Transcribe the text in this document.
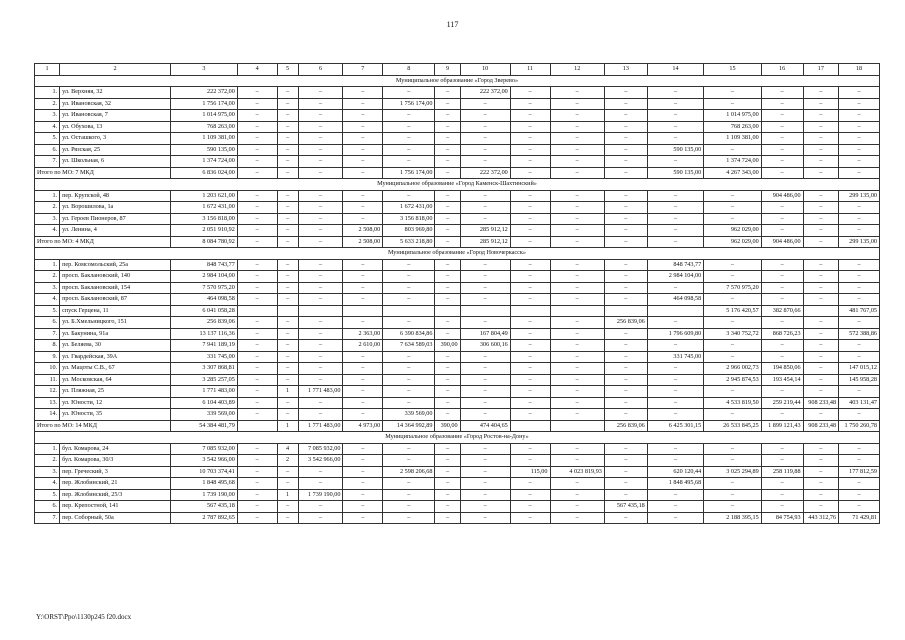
117
1	2	3	4	5	6	7	8	9	10	11	12	13	14	15	16	17	18
Муниципальное образование «Город Зверево»																	
1.	ул. Верхняя, 32	222 372,00	–	–	–	–	–	–	222 372,00	–	–	–	–	–	–	–	–
2.	ул. Ивановская, 32	1 756 174,00	–	–	–	–	1 756 174,00	–	–	–	–	–	–	–	–	–	–
3.	ул. Ивановская, 7	1 014 975,00	–	–	–	–	–	–	–	–	–	–	–	1 014 975,00	–	–	–
4.	ул. Обухова, 13	768 263,00	–	–	–	–	–	–	–	–	–	–	–	768 263,00	–	–	–
5.	ул. Осташкого, 3	1 109 381,00	–	–	–	–	–	–	–	–	–	–	–	1 109 381,00	–	–	–
6.	ул. Рязская, 25	590 135,00	–	–	–	–	–	–	–	–	–	–	590 135,00	–	–	–	–
7.	ул. Школьная, 6	1 374 724,00	–	–	–	–	–	–	–	–	–	–	–	1 374 724,00	–	–	–
Итого по МО: 7 МКД		6 836 024,00	–	–	–	–	1 756 174,00	–	222 372,00	–	–	–	590 135,00	4 267 343,00	–	–	–
Муниципальное образование «Город Каменск-Шахтинский»																	
1.	пер. Крупской, 48	1 203 621,00	–	–	–	–	–	–	–	–	–	–	–	–	904 486,00	–	299 135,00
2.	ул. Ворошилова, 1а	1 672 431,00	–	–	–	–	1 672 431,00	–	–	–	–	–	–	–	–	–	–
3.	ул. Героев Пионеров, 87	3 156 818,00	–	–	–	–	3 156 818,00	–	–	–	–	–	–	–	–	–	–
4.	ул. Ленина, 4	2 051 910,92	–	–	–	2 508,00	803 969,80	–	285 912,12	–	–	–	–	962 029,00	–	–	–
Итого по МО: 4 МКД		8 084 780,92	–	–	–	2 508,00	5 633 218,80	–	285 912,12	–	–	–	–	962 029,00	904 486,00	–	299 135,00
Муниципальное образование «Город Новочеркасск»																	
1.	пер. Комсомольский, 25а	848 743,77	–	–	–	–	–	–	–	–	–	–	848 743,77	–	–	–	–
2.	просп. Баклановский, 140	2 984 104,00	–	–	–	–	–	–	–	–	–	–	2 984 104,00	–	–	–	–
3.	просп. Баклановский, 154	7 570 975,20	–	–	–	–	–	–	–	–	–	–	–	7 570 975,20	–	–	–
4.	просп. Баклановский, 87	464 098,58	–	–	–	–	–	–	–	–	–	–	464 098,58	–	–	–	–
5.	спуск Герцена, 11	6 041 058,28												5 176 420,57	382 870,66		481 767,05
6.	ул. Б.Хмельницкого, 151	256 839,06	–	–	–	–	–	–	–	–	–	256 839,06	–	–	–	–	–
7.	ул. Бакунина, 91а	13 137 116,36	–	–	–	2 363,00	6 390 834,86	–	167 804,49	–	–	–	1 796 609,80	3 340 752,72	868 726,23	–	572 388,86
8.	ул. Беляева, 30	7 941 189,19	–	–	–	2 610,00	7 634 589,03	390,00	306 600,16	–	–	–	–	–	–	–	–
9.	ул. Гвардейская, 39А	331 745,00	–	–	–	–	–	–	–	–	–	–	331 745,00	–	–	–	–
10.	ул. Мацоты С.В., 67	3 307 868,81	–	–	–	–	–	–	–	–	–	–	–	2 966 002,73	194 850,06	–	147 015,12
11.	ул. Московская, 64	3 285 257,05	–	–	–	–	–	–	–	–	–	–	–	2 945 874,53	193 454,14	–	145 958,28
12.	ул. Пляжная, 25	1 771 483,00	–	1	1 771 483,00	–	–	–	–	–	–	–	–	–	–	–	–
13.	ул. Юности, 12	6 104 403,89	–	–	–	–	–	–	–	–	–	–	–	4 533 819,50	259 219,44	908 233,48	403 131,47
14.	ул. Юности, 35	339 569,00	–	–	–	–	339 569,00	–	–	–	–	–	–	–	–	–	–
Итого по МО: 14 МКД		54 384 481,79		1	1 771 483,00	4 973,00	14 364 992,89	390,00	474 404,65			256 839,06	6 425 301,15	26 533 845,25	1 899 121,43	908 233,48	1 750 260,78
Муниципальное образование «Город Ростов-на-Дону»																	
1.	бул. Комарова, 24	7 085 932,00	–	4	7 085 932,00	–	–	–	–	–	–	–	–	–	–	–	–
2.	бул. Комарова, 30/3	3 542 966,00	–	2	3 542 966,00	–	–	–	–	–	–	–	–	–	–	–	–
3.	пер. Греческий, 3	10 703 374,41	–	–	–	–	2 598 206,68	–	–	115,00	4 023 819,93	–	620 120,44	3 025 294,89	258 119,88	–	177 812,59
4.	пер. Жлобинский, 21	1 848 495,68	–	–	–	–	–	–	–	–	–	–	1 848 495,68	–	–	–	–
5.	пер. Жлобинский, 25/3	1 739 190,00	–	1	1 739 190,00	–	–	–	–	–	–	–	–	–	–	–	–
6.	пер. Крепостной, 141	567 435,18	–	–	–	–	–	–	–	–	–	567 435,18	–	–	–	–	–
7.	пер. Соборный, 50а	2 787 892,65	–	–	–	–	–	–	–	–	–	–	–	2 188 395,15	84 754,93	443 312,76	71 429,81
Y:\ORST\Ppo\1130p245 f20.docx
